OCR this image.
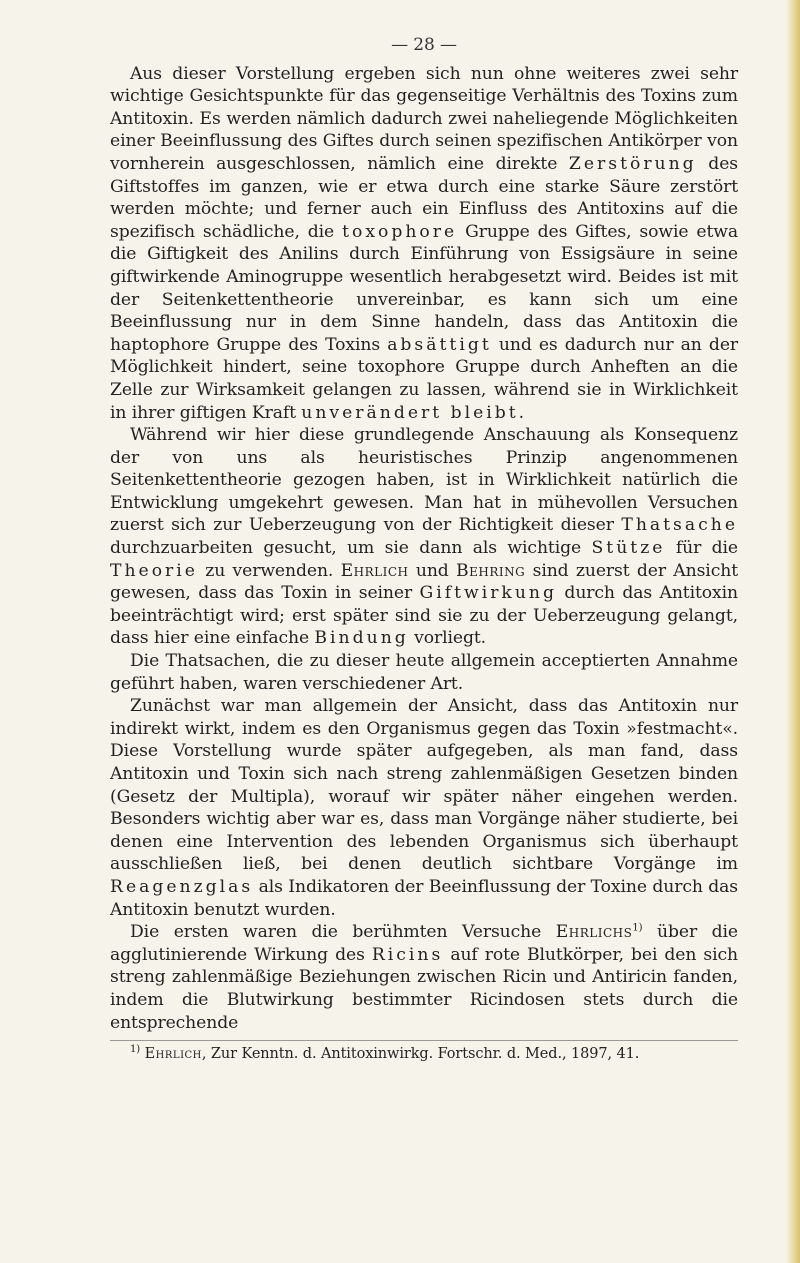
— 28 —

Aus dieser Vorstellung ergeben sich nun ohne weiteres zwei sehr wichtige Gesichtspunkte für das gegenseitige Verhältnis des Toxins zum Antitoxin. Es werden nämlich dadurch zwei naheliegende Möglichkeiten einer Beeinflussung des Giftes durch seinen spezifischen Antikörper von vornherein ausgeschlossen, nämlich eine direkte Zerstörung des Giftstoffes im ganzen, wie er etwa durch eine starke Säure zerstört werden möchte; und ferner auch ein Einfluss des Antitoxins auf die spezifisch schädliche, die toxophore Gruppe des Giftes, sowie etwa die Giftigkeit des Anilins durch Einführung von Essigsäure in seine giftwirkende Aminogruppe wesentlich herabgesetzt wird. Beides ist mit der Seitenkettentheorie unvereinbar, es kann sich um eine Beeinflussung nur in dem Sinne handeln, dass das Antitoxin die haptophore Gruppe des Toxins absättigt und es dadurch nur an der Möglichkeit hindert, seine toxophore Gruppe durch Anheften an die Zelle zur Wirksamkeit gelangen zu lassen, während sie in Wirklichkeit in ihrer giftigen Kraft unverändert bleibt.

Während wir hier diese grundlegende Anschauung als Konsequenz der von uns als heuristisches Prinzip angenommenen Seitenkettentheorie gezogen haben, ist in Wirklichkeit natürlich die Entwicklung umgekehrt gewesen. Man hat in mühevollen Versuchen zuerst sich zur Ueberzeugung von der Richtigkeit dieser Thatsache durchzuarbeiten gesucht, um sie dann als wichtige Stütze für die Theorie zu verwenden. Ehrlich und Behring sind zuerst der Ansicht gewesen, dass das Toxin in seiner Giftwirkung durch das Antitoxin beeinträchtigt wird; erst später sind sie zu der Ueberzeugung gelangt, dass hier eine einfache Bindung vorliegt.

Die Thatsachen, die zu dieser heute allgemein acceptierten Annahme geführt haben, waren verschiedener Art.

Zunächst war man allgemein der Ansicht, dass das Antitoxin nur indirekt wirkt, indem es den Organismus gegen das Toxin »festmacht«. Diese Vorstellung wurde später aufgegeben, als man fand, dass Antitoxin und Toxin sich nach streng zahlenmäßigen Gesetzen binden (Gesetz der Multipla), worauf wir später näher eingehen werden. Besonders wichtig aber war es, dass man Vorgänge näher studierte, bei denen eine Intervention des lebenden Organismus sich überhaupt ausschließen ließ, bei denen deutlich sichtbare Vorgänge im Reagenzglas als Indikatoren der Beeinflussung der Toxine durch das Antitoxin benutzt wurden.

Die ersten waren die berühmten Versuche Ehrlichs$^{1)}$ über die agglutinierende Wirkung des Ricins auf rote Blutkörper, bei den sich streng zahlenmäßige Beziehungen zwischen Ricin und Antiricin fanden, indem die Blutwirkung bestimmter Ricindosen stets durch die entsprechende

$^{1)}$ Ehrlich, Zur Kenntn. d. Antitoxinwirkg. Fortschr. d. Med., 1897, 41.
